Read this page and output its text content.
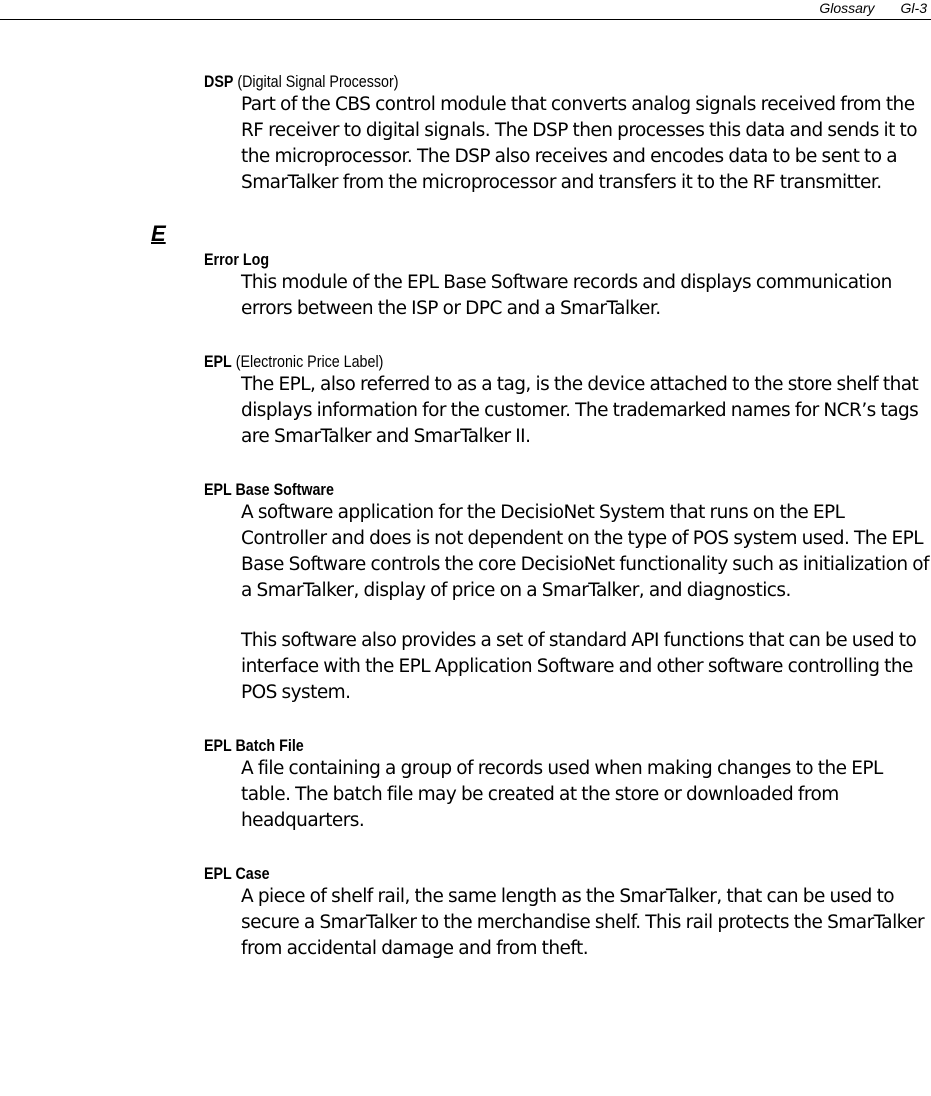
Glossary Gl-3
DSP (Digital Signal Processor)

Part of the CBS control module that converts analog signals received from the RF receiver to digital signals. The DSP then processes this data and sends it to the microprocessor. The DSP also receives and encodes data to be sent to a SmarTalker from the microprocessor and transfers it to the RF transmitter.

E
Error Log

This module of the EPL Base Software records and displays communication errors between the ISP or DPC and a SmarTalker.

EPL (Electronic Price Label)

The EPL, also referred to as a tag, is the device attached to the store shelf that displays information for the customer. The trademarked names for NCR’s tags are SmarTalker and SmarTalker II.

EPL Base Software

A software application for the DecisioNet System that runs on the EPL Controller and does is not dependent on the type of POS system used. The EPL Base Software controls the core DecisioNet functionality such as initialization of a SmarTalker, display of price on a SmarTalker, and diagnostics.

This software also provides a set of standard API functions that can be used to interface with the EPL Application Software and other software controlling the POS system.

EPL Batch File

A file containing a group of records used when making changes to the EPL table. The batch file may be created at the store or downloaded from headquarters.

EPL Case

A piece of shelf rail, the same length as the SmarTalker, that can be used to secure a SmarTalker to the merchandise shelf. This rail protects the SmarTalker from accidental damage and from theft.
